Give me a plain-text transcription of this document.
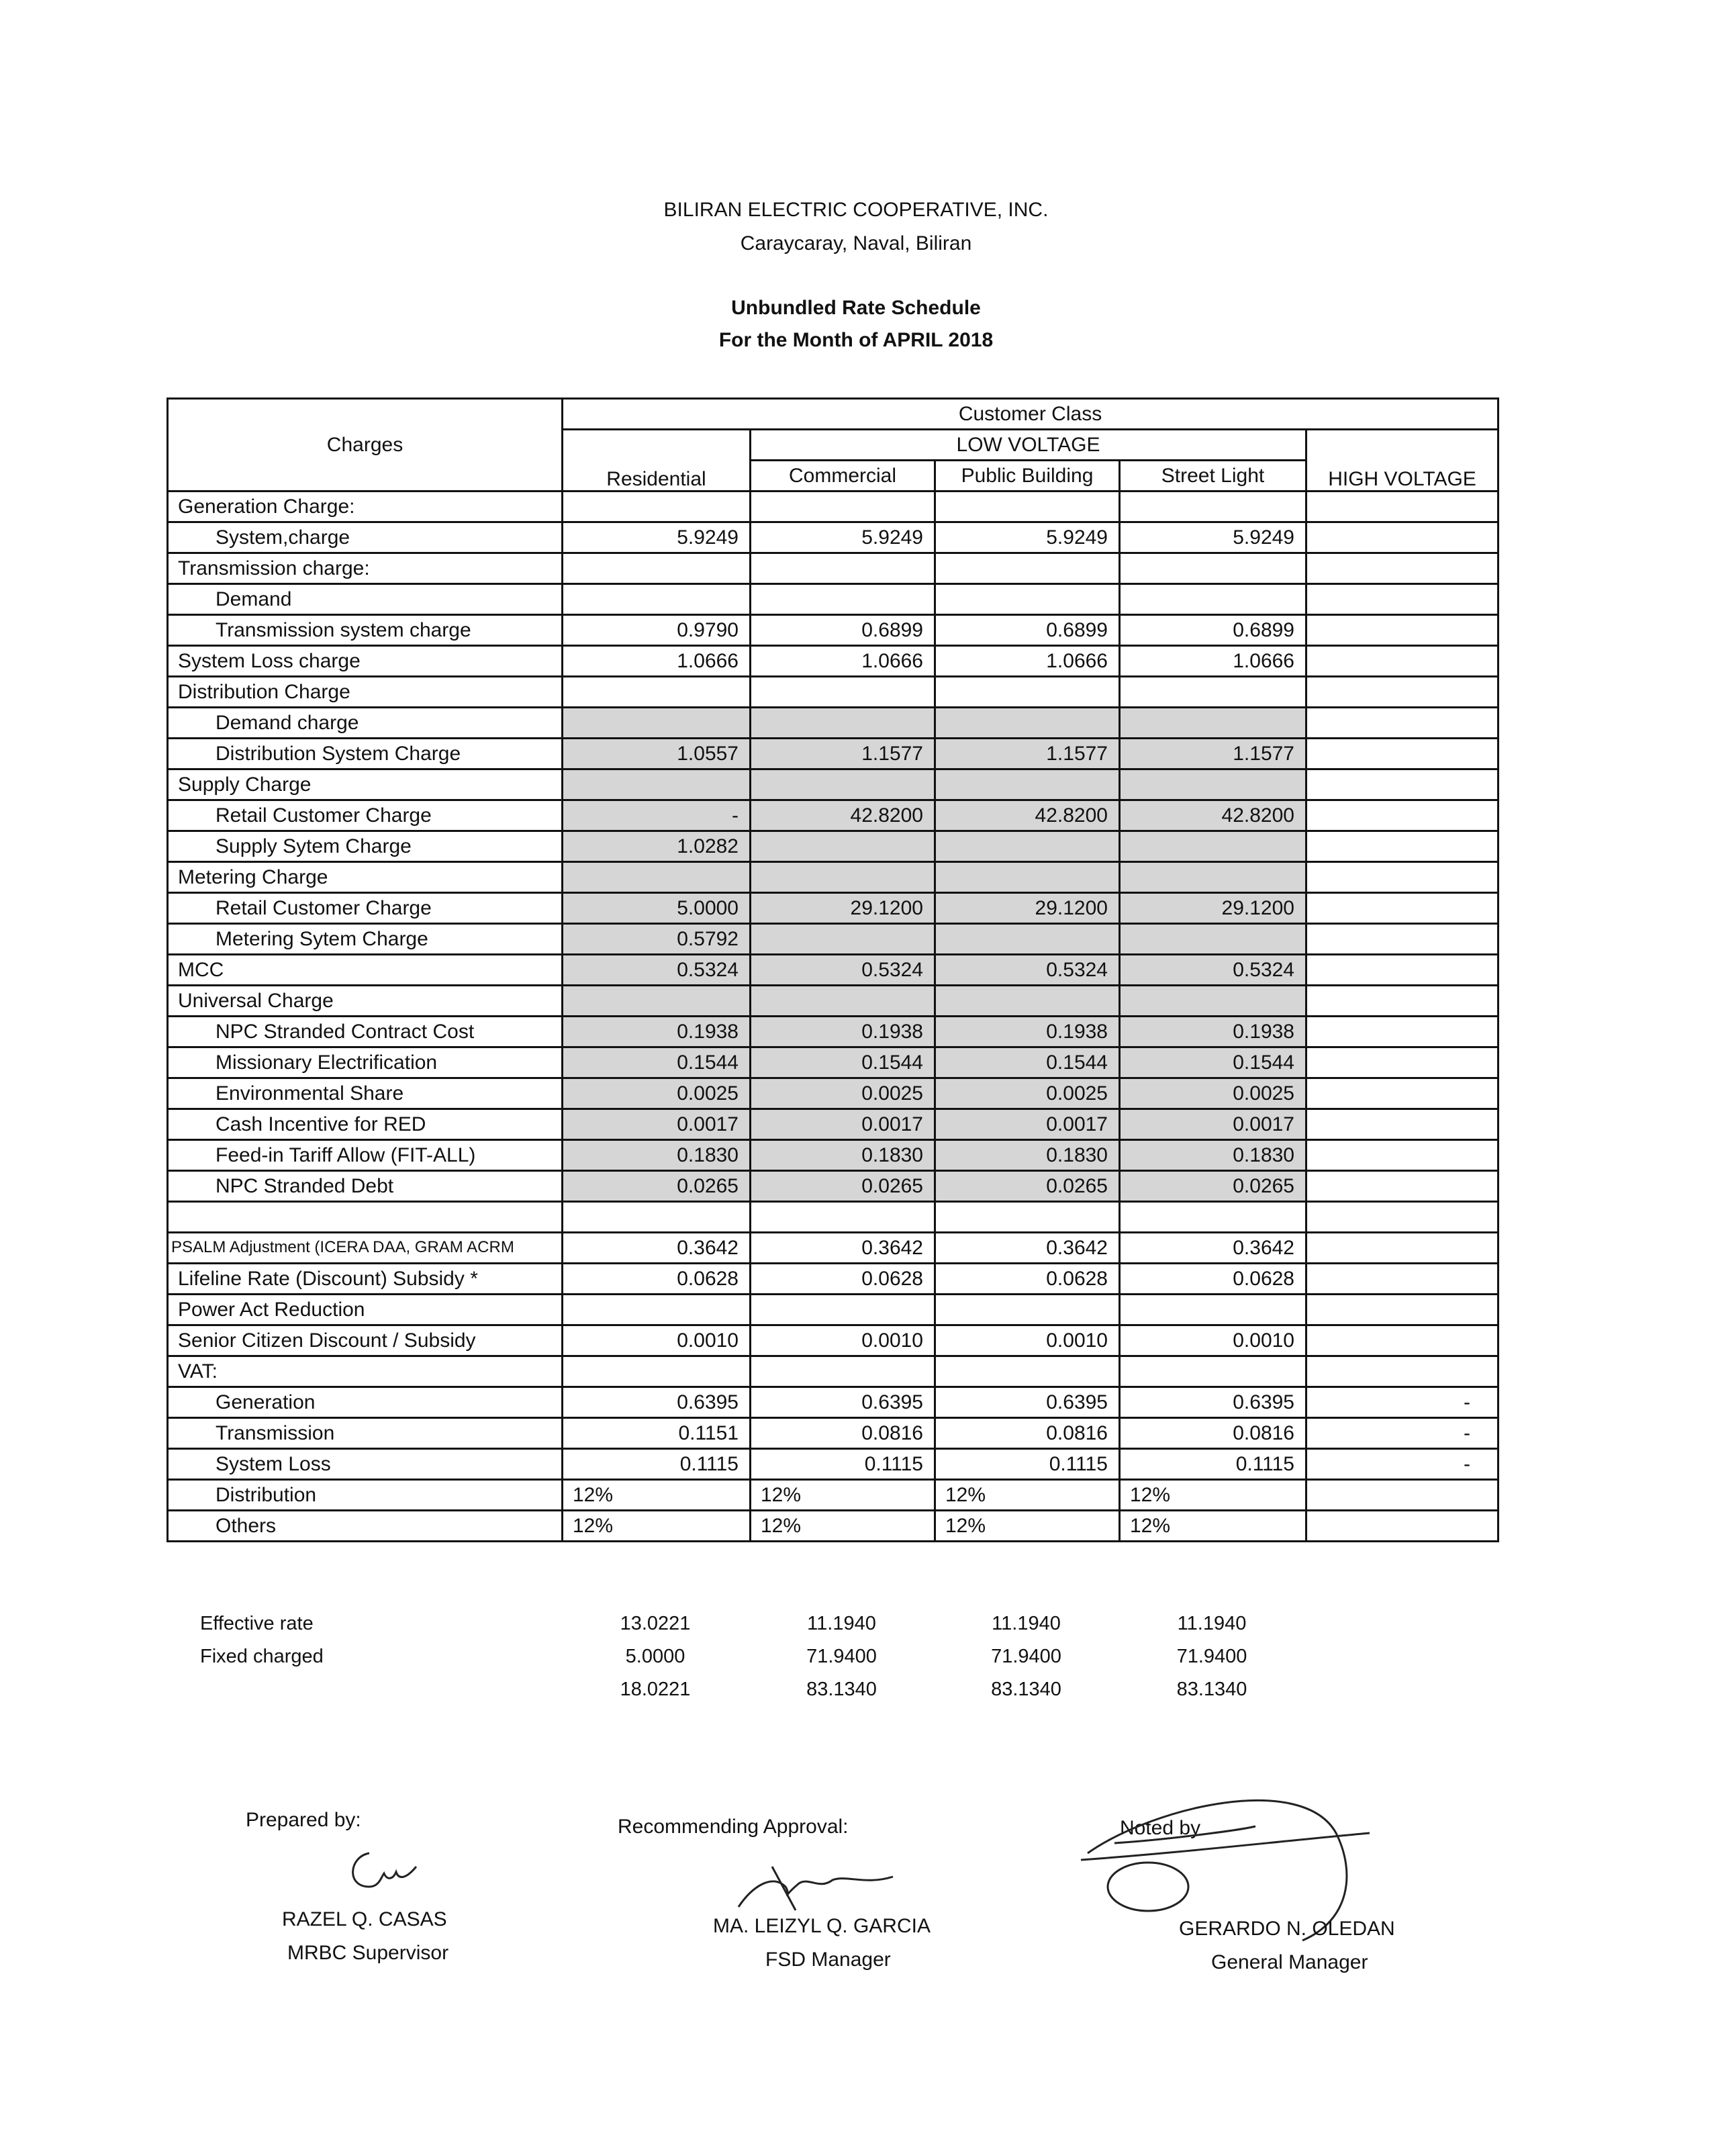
BILIRAN ELECTRIC COOPERATIVE, INC.
Caraycaray, Naval, Biliran
Unbundled Rate Schedule
For the Month of APRIL 2018
Charges	Customer Class				
	Residential	LOW VOLTAGE			HIGH VOLTAGE
		Commercial	Public Building	Street Light	
Generation Charge:					
System,charge	5.9249	5.9249	5.9249	5.9249	
Transmission charge:					
Demand					
Transmission system charge	0.9790	0.6899	0.6899	0.6899	
System Loss charge	1.0666	1.0666	1.0666	1.0666	
Distribution Charge					
Demand charge					
Distribution System Charge	1.0557	1.1577	1.1577	1.1577	
Supply Charge					
Retail Customer Charge	-	42.8200	42.8200	42.8200	
Supply Sytem Charge	1.0282				
Metering Charge					
Retail Customer Charge	5.0000	29.1200	29.1200	29.1200	
Metering Sytem Charge	0.5792				
MCC	0.5324	0.5324	0.5324	0.5324	
Universal Charge					
NPC Stranded Contract Cost	0.1938	0.1938	0.1938	0.1938	
Missionary Electrification	0.1544	0.1544	0.1544	0.1544	
Environmental Share	0.0025	0.0025	0.0025	0.0025	
Cash Incentive for RED	0.0017	0.0017	0.0017	0.0017	
Feed-in Tariff Allow (FIT-ALL)	0.1830	0.1830	0.1830	0.1830	
NPC Stranded Debt	0.0265	0.0265	0.0265	0.0265	

PSALM Adjustment (ICERA DAA, GRAM ACRM	0.3642	0.3642	0.3642	0.3642	
Lifeline Rate (Discount) Subsidy *	0.0628	0.0628	0.0628	0.0628	
Power Act Reduction					
Senior Citizen Discount / Subsidy	0.0010	0.0010	0.0010	0.0010	
VAT:					
Generation	0.6395	0.6395	0.6395	0.6395	-
Transmission	0.1151	0.0816	0.0816	0.0816	-
System Loss	0.1115	0.1115	0.1115	0.1115	-
Distribution	12%	12%	12%	12%	
Others	12%	12%	12%	12%	
Effective rate	13.0221	11.1940	11.1940	11.1940	
Fixed charged	5.0000	71.9400	71.9400	71.9400	
	18.0221	83.1340	83.1340	83.1340	
Prepared by:
RAZEL Q. CASAS
MRBC Supervisor
Recommending Approval:
MA. LEIZYL Q. GARCIA
FSD Manager
Noted by
GERARDO N. OLEDAN
General Manager
